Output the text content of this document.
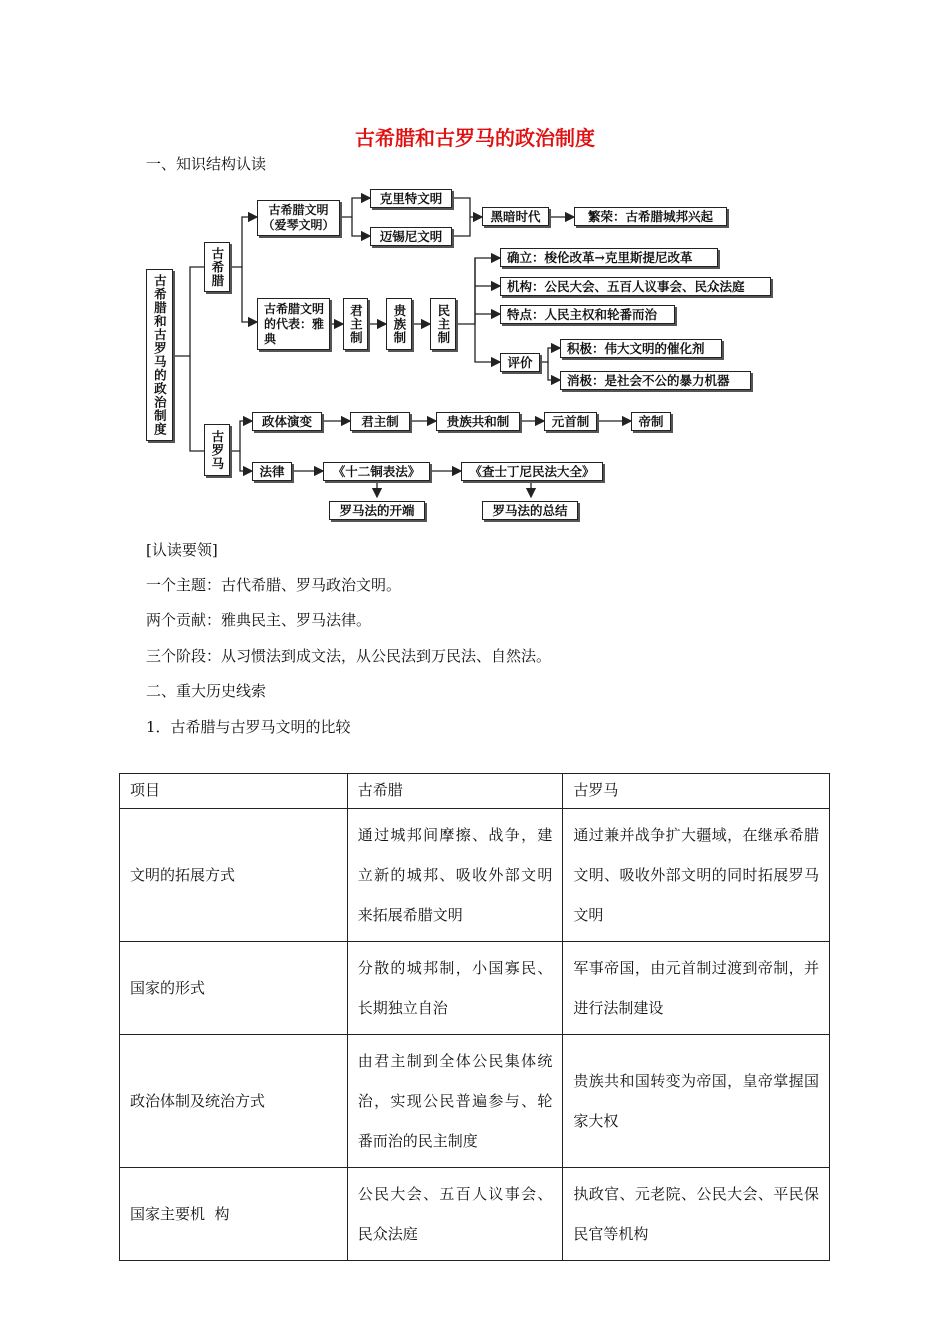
古希腊和古罗马的政治制度
一、知识结构认读
古希腊和古罗马的政治制度
古希腊
古罗马
古希腊文明（爱琴文明）
克里特文明
迈锡尼文明
黑暗时代	繁荣：古希腊城邦兴起
古希腊文明的代表：雅典	君主制	贵族制	民主制
确立：梭伦改革→克里斯提尼改革
机构：公民大会、五百人议事会、民众法庭
特点：人民主权和轮番而治
评价
积极：伟大文明的催化剂
消极：是社会不公的暴力机器
政体演变	君主制	贵族共和制	元首制	帝制
法律	《十二铜表法》	《查士丁尼民法大全》
罗马法的开端	罗马法的总结
[认读要领]
一个主题：古代希腊、罗马政治文明。
两个贡献：雅典民主、罗马法律。
三个阶段：从习惯法到成文法，从公民法到万民法、自然法。
二、重大历史线索
1．古希腊与古罗马文明的比较
项目	古希腊	古罗马
文明的拓展方式	通过城邦间摩擦、战争，建立新的城邦、吸收外部文明来拓展希腊文明	通过兼并战争扩大疆域，在继承希腊文明、吸收外部文明的同时拓展罗马文明
国家的形式	分散的城邦制，小国寡民、长期独立自治	军事帝国，由元首制过渡到帝制，并进行法制建设
政治体制及统治方式	由君主制到全体公民集体统治，实现公民普遍参与、轮番而治的民主制度	贵族共和国转变为帝国，皇帝掌握国家大权
国家主要机  构	公民大会、五百人议事会、民众法庭	执政官、元老院、公民大会、平民保民官等机构
